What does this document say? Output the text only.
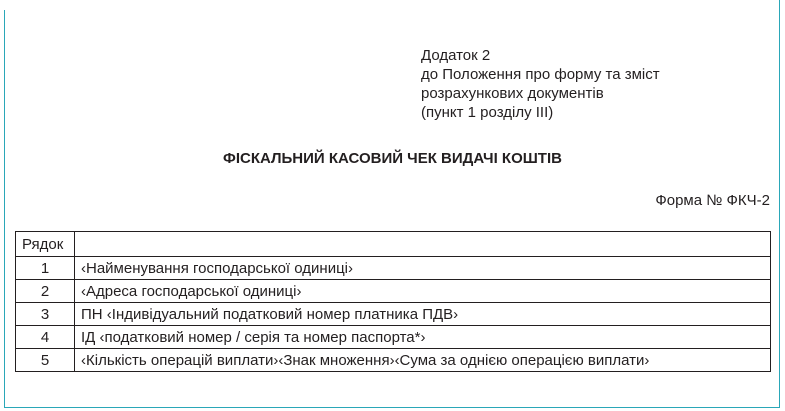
Додаток 2
до Положення про форму та зміст
розрахункових документів
(пункт 1 розділу ІІІ)
ФІСКАЛЬНИЙ КАСОВИЙ ЧЕК ВИДАЧІ КОШТІВ
Форма № ФКЧ-2
Рядок	
1	‹Найменування господарської одиниці›
2	‹Адреса господарської одиниці›
3	ПН ‹Індивідуальний податковий номер платника ПДВ›
4	ІД ‹податковий номер / серія та номер паспорта*›
5	‹Кількість операцій виплати›‹Знак множення›‹Сума за однією операцією виплати›
